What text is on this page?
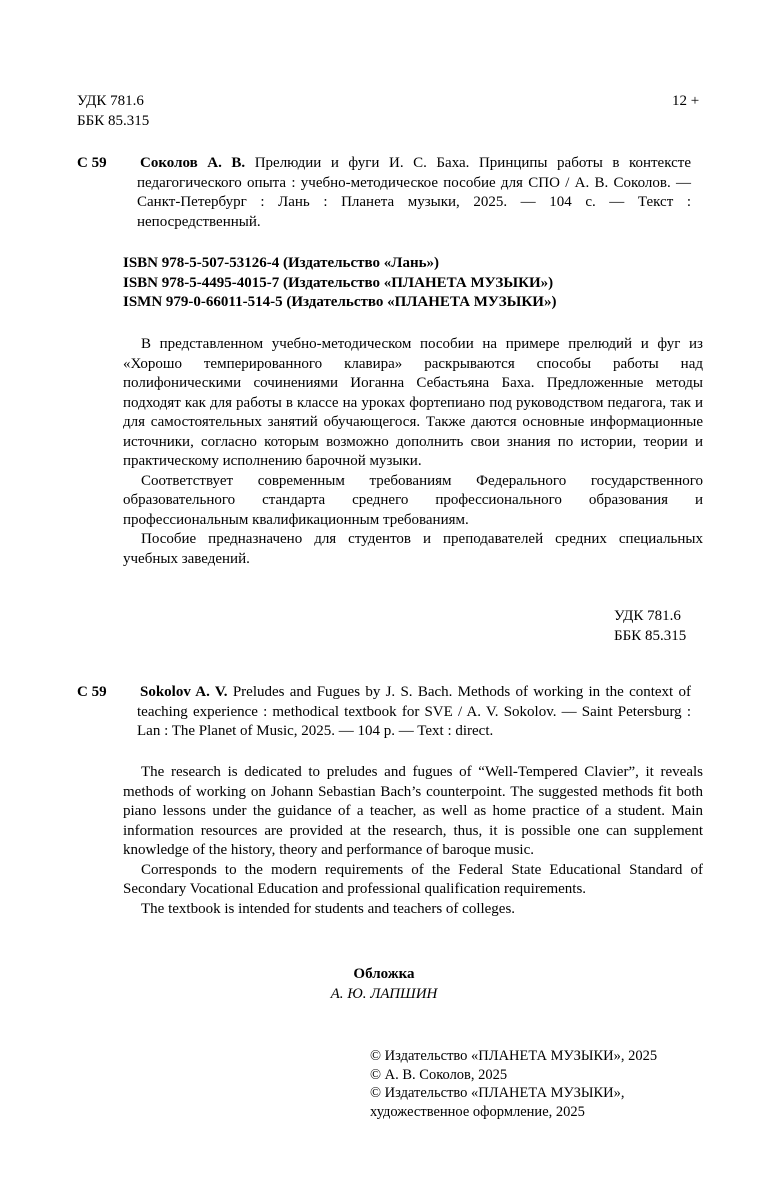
УДК 781.6

ББК 85.315

12 +
С 59 Соколов А. В. Прелюдии и фуги И. С. Баха. Принципы работы в контексте педагогического опыта : учебно-методическое пособие для СПО / А. В. Соколов. — Санкт-Петербург : Лань : Планета музыки, 2025. — 104 с. — Текст : непосредственный.

ISBN 978-5-507-53126-4 (Издательство «Лань»)

ISBN 978-5-4495-4015-7 (Издательство «ПЛАНЕТА МУЗЫКИ»)

ISMN 979-0-66011-514-5 (Издательство «ПЛАНЕТА МУЗЫКИ»)

В представленном учебно-методическом пособии на примере прелюдий и фуг из «Хорошо темперированного клавира» раскрываются способы работы над полифоническими сочинениями Иоганна Себастьяна Баха. Предложенные методы подходят как для работы в классе на уроках фортепиано под руководством педагога, так и для самостоятельных занятий обучающегося. Также даются основные информационные источники, согласно которым возможно дополнить свои знания по истории, теории и практическому исполнению барочной музыки.

Соответствует современным требованиям Федерального государственного образовательного стандарта среднего профессионального образования и профессиональным квалификационным требованиям.

Пособие предназначено для студентов и преподавателей средних специальных учебных заведений.

УДК 781.6

ББК 85.315

С 59 Sokolov A. V. Preludes and Fugues by J. S. Bach. Methods of working in the context of teaching experience : methodical textbook for SVE / A. V. Sokolov. — Saint Petersburg : Lan : The Planet of Music, 2025. — 104 p. — Text : direct.

The research is dedicated to preludes and fugues of “Well-Tempered Clavier”, it reveals methods of working on Johann Sebastian Bach’s counterpoint. The suggested methods fit both piano lessons under the guidance of a teacher, as well as home practice of a student. Main information resources are provided at the research, thus, it is possible one can supplement knowledge of the history, theory and performance of baroque music.

Corresponds to the modern requirements of the Federal State Educational Standard of Secondary Vocational Education and professional qualification requirements.

The textbook is intended for students and teachers of colleges.

Обложка

А. Ю. ЛАПШИН

© Издательство «ПЛАНЕТА МУЗЫКИ», 2025

© А. В. Соколов, 2025

© Издательство «ПЛАНЕТА МУЗЫКИ»,

художественное оформление, 2025
